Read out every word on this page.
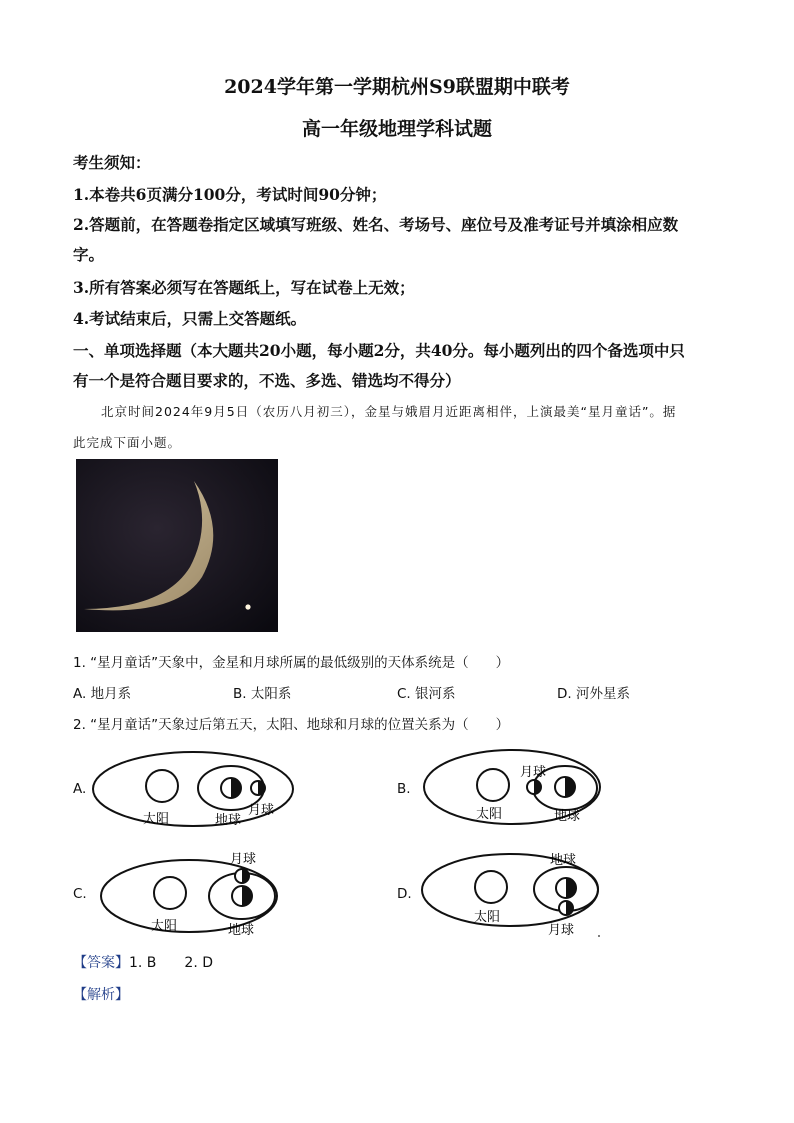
2024学年第一学期杭州S9联盟期中联考
高一年级地理学科试题
考生须知：
1.本卷共6页满分100分，考试时间90分钟；
2.答题前，在答题卷指定区域填写班级、姓名、考场号、座位号及准考证号并填涂相应数
字。
3.所有答案必须写在答题纸上，写在试卷上无效；
4.考试结束后，只需上交答题纸。
一、单项选择题（本大题共20小题，每小题2分，共40分。每小题列出的四个备选项中只
有一个是符合题目要求的，不选、多选、错选均不得分）
北京时间2024年9月5日（农历八月初三），金星与娥眉月近距离相伴，上演最美“星月童话”。据
此完成下面小题。
1. “星月童话”天象中，金星和月球所属的最低级别的天体系统是（　　）
A. 地月系	B. 太阳系	C. 银河系	D. 河外星系
2. “星月童话”天象过后第五天，太阳、地球和月球的位置关系为（　　）
A.
太阳	地球
月球
B.
月球
太阳	地球
C.
月球
太阳	地球
D.
地球
太阳
月球
【答案】1. B　　2. D
【解析】
